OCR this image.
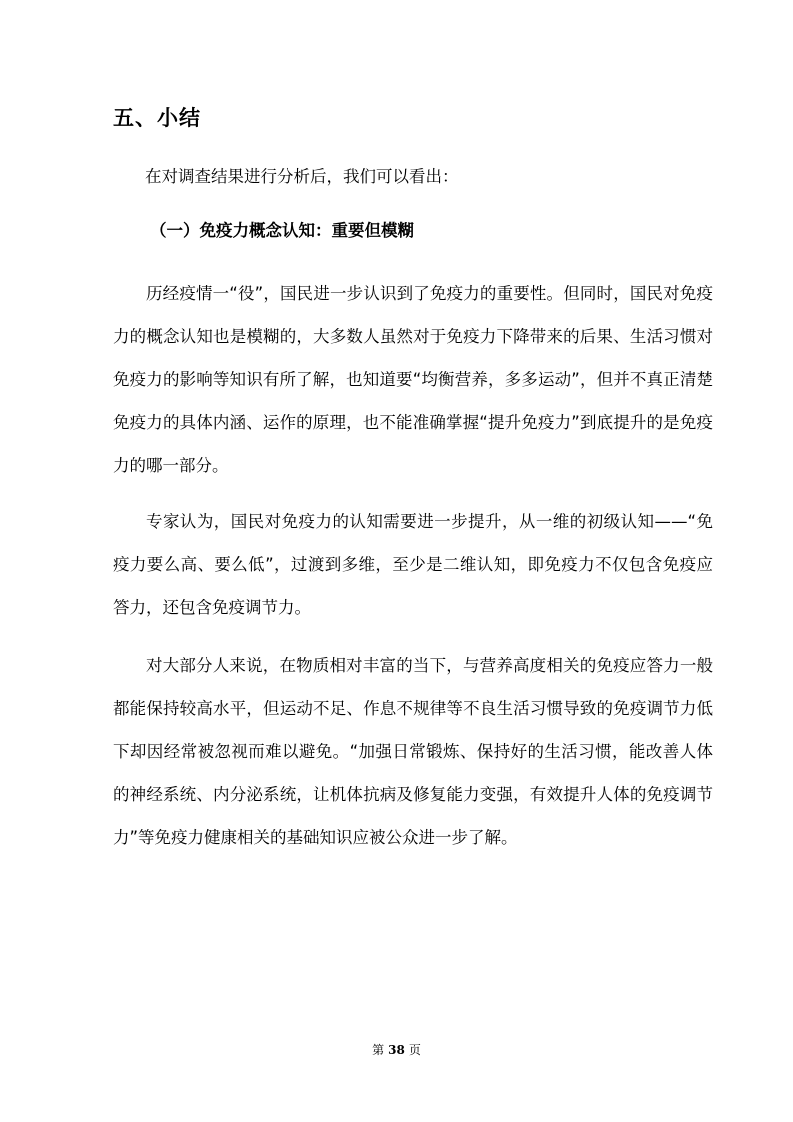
五、小结

在对调查结果进行分析后，我们可以看出：

（一）免疫力概念认知：重要但模糊

历经疫情一“役”，国民进一步认识到了免疫力的重要性。但同时，国民对免疫力的概念认知也是模糊的，大多数人虽然对于免疫力下降带来的后果、生活习惯对免疫力的影响等知识有所了解，也知道要“均衡营养，多多运动”，但并不真正清楚免疫力的具体内涵、运作的原理，也不能准确掌握“提升免疫力”到底提升的是免疫力的哪一部分。

专家认为，国民对免疫力的认知需要进一步提升，从一维的初级认知——“免疫力要么高、要么低”，过渡到多维，至少是二维认知，即免疫力不仅包含免疫应答力，还包含免疫调节力。

对大部分人来说，在物质相对丰富的当下，与营养高度相关的免疫应答力一般都能保持较高水平，但运动不足、作息不规律等不良生活习惯导致的免疫调节力低下却因经常被忽视而难以避免。“加强日常锻炼、保持好的生活习惯，能改善人体的神经系统、内分泌系统，让机体抗病及修复能力变强，有效提升人体的免疫调节力”等免疫力健康相关的基础知识应被公众进一步了解。

第 38 页
